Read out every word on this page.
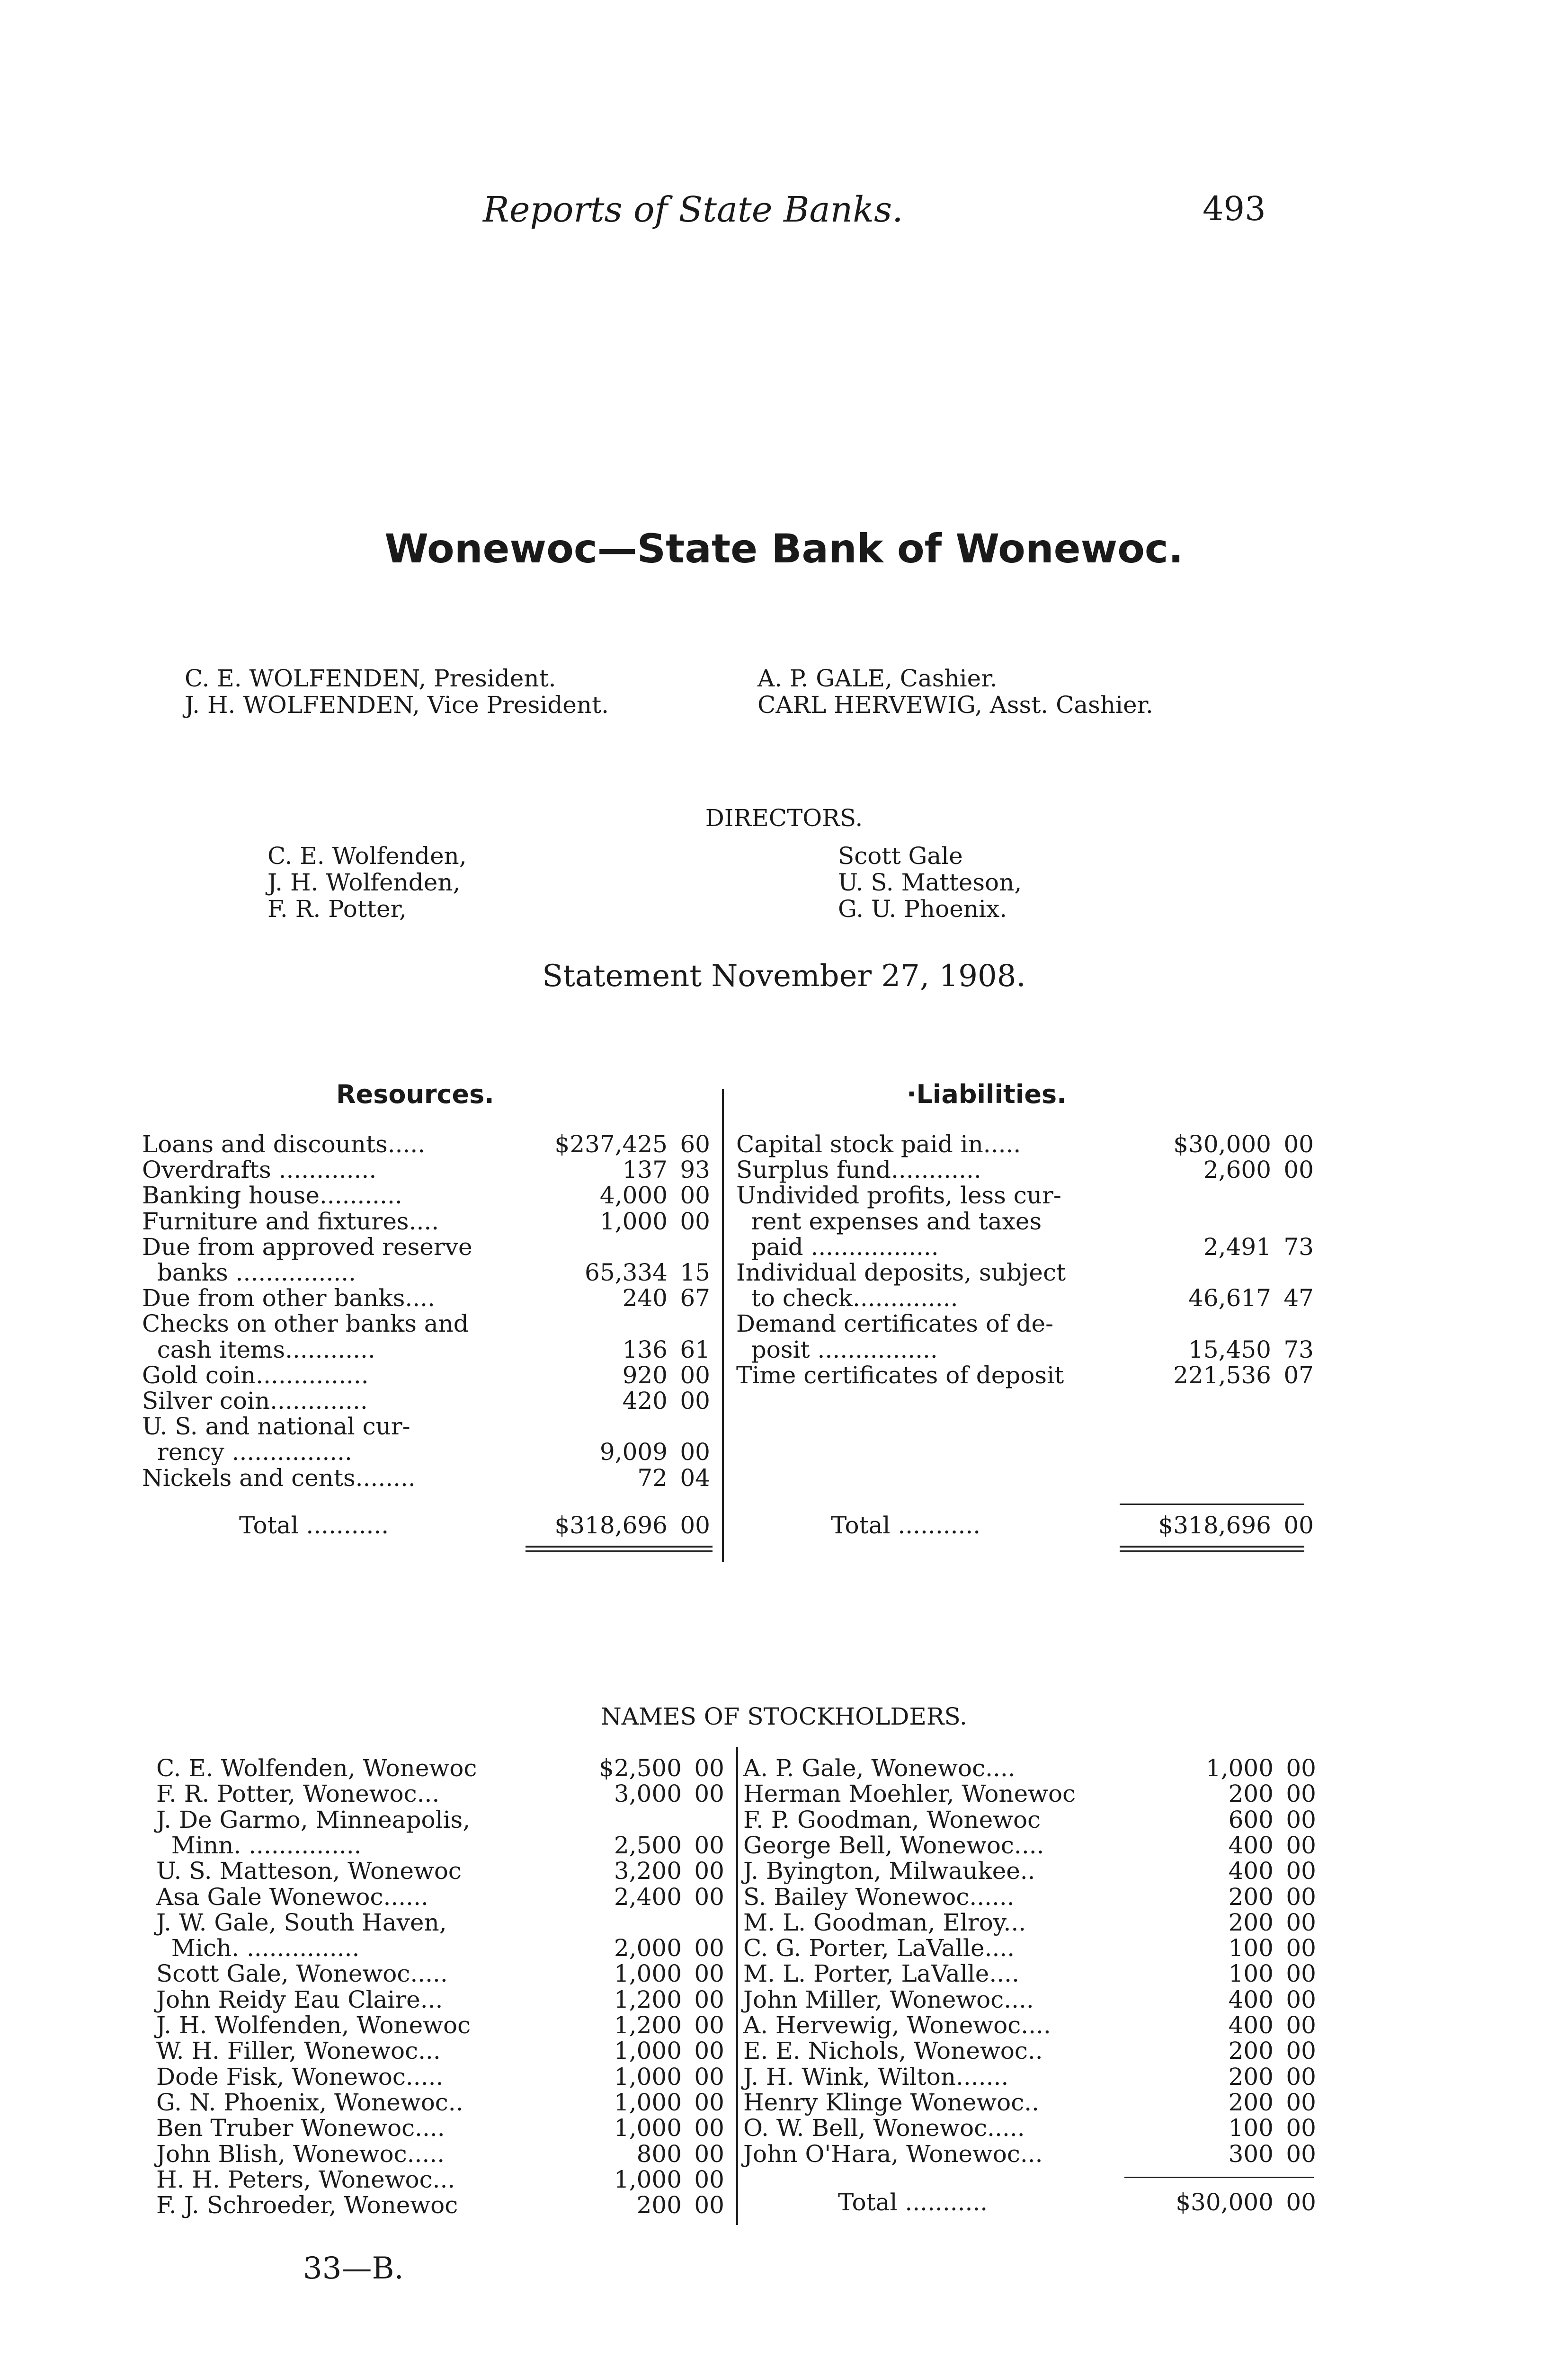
Reports of State Banks.	493
Wonewoc—State Bank of Wonewoc.
C. E. WOLFENDEN, President.
J. H. WOLFENDEN, Vice President.
A. P. GALE, Cashier.
CARL HERVEWIG, Asst. Cashier.
DIRECTORS.
C. E. Wolfenden,
J. H. Wolfenden,
F. R. Potter,
Scott Gale
U. S. Matteson,
G. U. Phoenix.
Statement November 27, 1908.
Resources.	·Liabilities.
Loans and discounts.....	$237,425 60
Overdrafts .............	137 93
Banking house...........	4,000 00
Furniture and fixtures....	1,000 00
Due from approved reserve
banks ................	65,334 15
Due from other banks....	240 67
Checks on other banks and
cash items............	136 61
Gold coin...............	920 00
Silver coin.............	420 00
U. S. and national cur-
rency ................	9,009 00
Nickels and cents........	72 04
Capital stock paid in.....	$30,000 00
Surplus fund............	2,600 00
Undivided profits, less cur-
rent expenses and taxes
paid .................	2,491 73
Individual deposits, subject
to check..............	46,617 47
Demand certificates of de-
posit ................	15,450 73
Time certificates of deposit	221,536 07
Total ...........	$318,696 00	Total ...........	$318,696 00
NAMES OF STOCKHOLDERS.
C. E. Wolfenden, Wonewoc	$2,500 00
F. R. Potter, Wonewoc...	3,000 00
J. De Garmo, Minneapolis,
Minn. ...............	2,500 00
U. S. Matteson, Wonewoc	3,200 00
Asa Gale Wonewoc......	2,400 00
J. W. Gale, South Haven,
Mich. ...............	2,000 00
Scott Gale, Wonewoc.....	1,000 00
John Reidy Eau Claire...	1,200 00
J. H. Wolfenden, Wonewoc	1,200 00
W. H. Filler, Wonewoc...	1,000 00
Dode Fisk, Wonewoc.....	1,000 00
G. N. Phoenix, Wonewoc..	1,000 00
Ben Truber Wonewoc....	1,000 00
John Blish, Wonewoc.....	800 00
H. H. Peters, Wonewoc...	1,000 00
F. J. Schroeder, Wonewoc	200 00
A. P. Gale, Wonewoc....	1,000 00
Herman Moehler, Wonewoc	200 00
F. P. Goodman, Wonewoc	600 00
George Bell, Wonewoc....	400 00
J. Byington, Milwaukee..	400 00
S. Bailey Wonewoc......	200 00
M. L. Goodman, Elroy...	200 00
C. G. Porter, LaValle....	100 00
M. L. Porter, LaValle....	100 00
John Miller, Wonewoc....	400 00
A. Hervewig, Wonewoc....	400 00
E. E. Nichols, Wonewoc..	200 00
J. H. Wink, Wilton.......	200 00
Henry Klinge Wonewoc..	200 00
O. W. Bell, Wonewoc.....	100 00
John O'Hara, Wonewoc...	300 00
Total ...........	$30,000 00
33—B.
